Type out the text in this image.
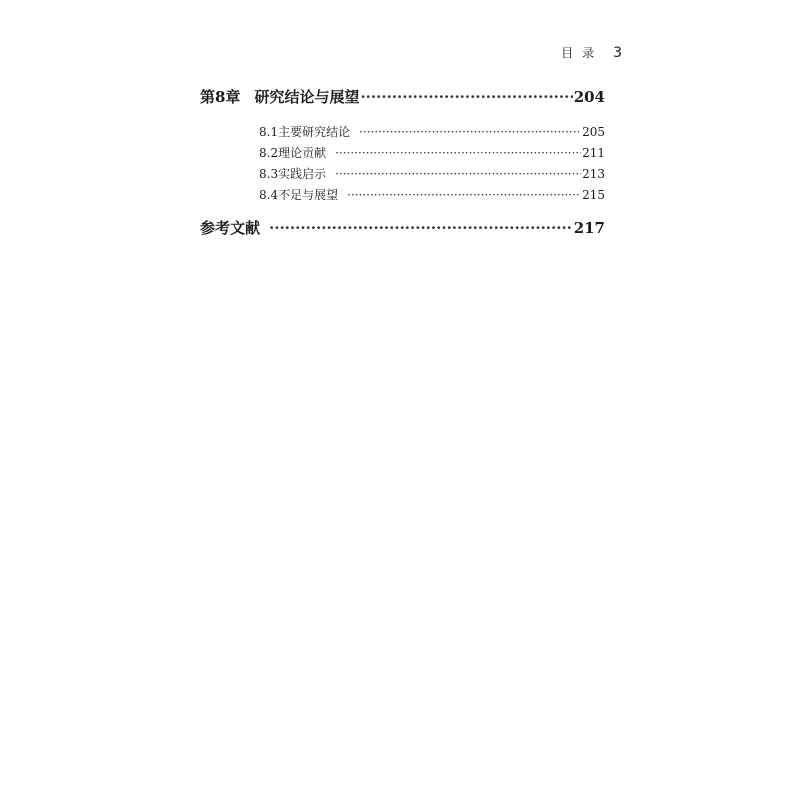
目录 3
第8章 研究结论与展望 ·····	204
8.1 主要研究结论 ·····	205
8.2 理论贡献 ·····	211
8.3 实践启示 ·····	213
8.4 不足与展望 ·····	215
参考文献 ·····	217
